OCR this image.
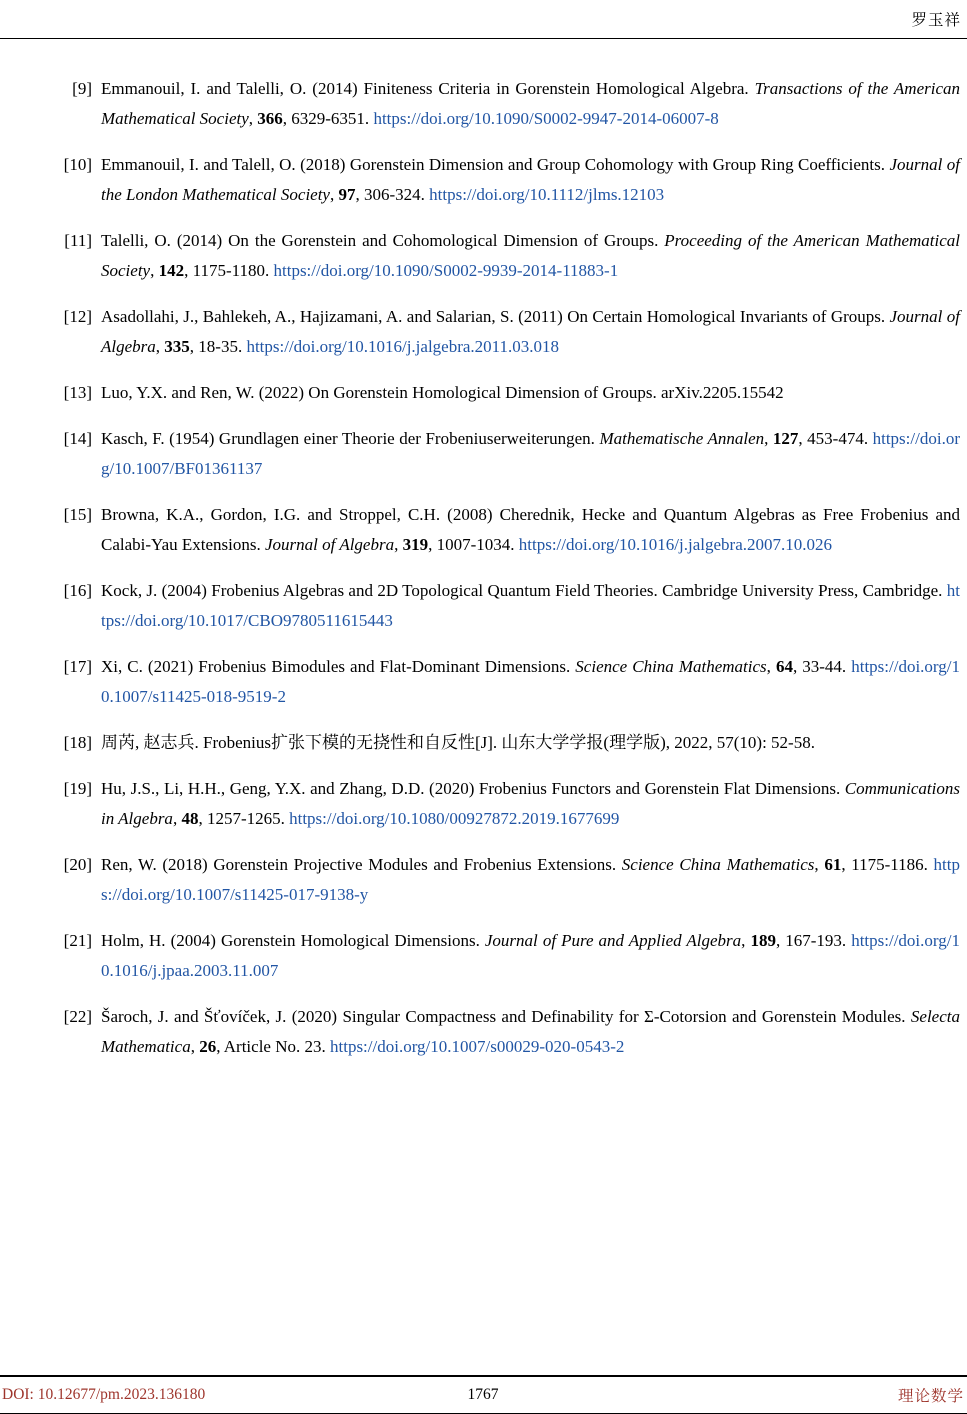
罗玉祥
[9] Emmanouil, I. and Talelli, O. (2014) Finiteness Criteria in Gorenstein Homological Algebra. Transactions of the American Mathematical Society, 366, 6329-6351. https://doi.org/10.1090/S0002-9947-2014-06007-8
[10] Emmanouil, I. and Talell, O. (2018) Gorenstein Dimension and Group Cohomology with Group Ring Coefficients. Journal of the London Mathematical Society, 97, 306-324. https://doi.org/10.1112/jlms.12103
[11] Talelli, O. (2014) On the Gorenstein and Cohomological Dimension of Groups. Proceeding of the American Mathematical Society, 142, 1175-1180. https://doi.org/10.1090/S0002-9939-2014-11883-1
[12] Asadollahi, J., Bahlekeh, A., Hajizamani, A. and Salarian, S. (2011) On Certain Homological Invariants of Groups. Journal of Algebra, 335, 18-35. https://doi.org/10.1016/j.jalgebra.2011.03.018
[13] Luo, Y.X. and Ren, W. (2022) On Gorenstein Homological Dimension of Groups. arXiv.2205.15542
[14] Kasch, F. (1954) Grundlagen einer Theorie der Frobeniuserweiterungen. Mathematische Annalen, 127, 453-474. https://doi.org/10.1007/BF01361137
[15] Browna, K.A., Gordon, I.G. and Stroppel, C.H. (2008) Cherednik, Hecke and Quantum Algebras as Free Frobenius and Calabi-Yau Extensions. Journal of Algebra, 319, 1007-1034. https://doi.org/10.1016/j.jalgebra.2007.10.026
[16] Kock, J. (2004) Frobenius Algebras and 2D Topological Quantum Field Theories. Cambridge University Press, Cambridge. https://doi.org/10.1017/CBO9780511615443
[17] Xi, C. (2021) Frobenius Bimodules and Flat-Dominant Dimensions. Science China Mathematics, 64, 33-44. https://doi.org/10.1007/s11425-018-9519-2
[18] 周芮, 赵志兵. Frobenius扩张下模的无挠性和自反性[J]. 山东大学学报(理学版), 2022, 57(10): 52-58.
[19] Hu, J.S., Li, H.H., Geng, Y.X. and Zhang, D.D. (2020) Frobenius Functors and Gorenstein Flat Dimensions. Communications in Algebra, 48, 1257-1265. https://doi.org/10.1080/00927872.2019.1677699
[20] Ren, W. (2018) Gorenstein Projective Modules and Frobenius Extensions. Science China Mathematics, 61, 1175-1186. https://doi.org/10.1007/s11425-017-9138-y
[21] Holm, H. (2004) Gorenstein Homological Dimensions. Journal of Pure and Applied Algebra, 189, 167-193. https://doi.org/10.1016/j.jpaa.2003.11.007
[22] Šaroch, J. and Šťovíček, J. (2020) Singular Compactness and Definability for Σ-Cotorsion and Gorenstein Modules. Selecta Mathematica, 26, Article No. 23. https://doi.org/10.1007/s00029-020-0543-2
DOI: 10.12677/pm.2023.136180	1767	理论数学
